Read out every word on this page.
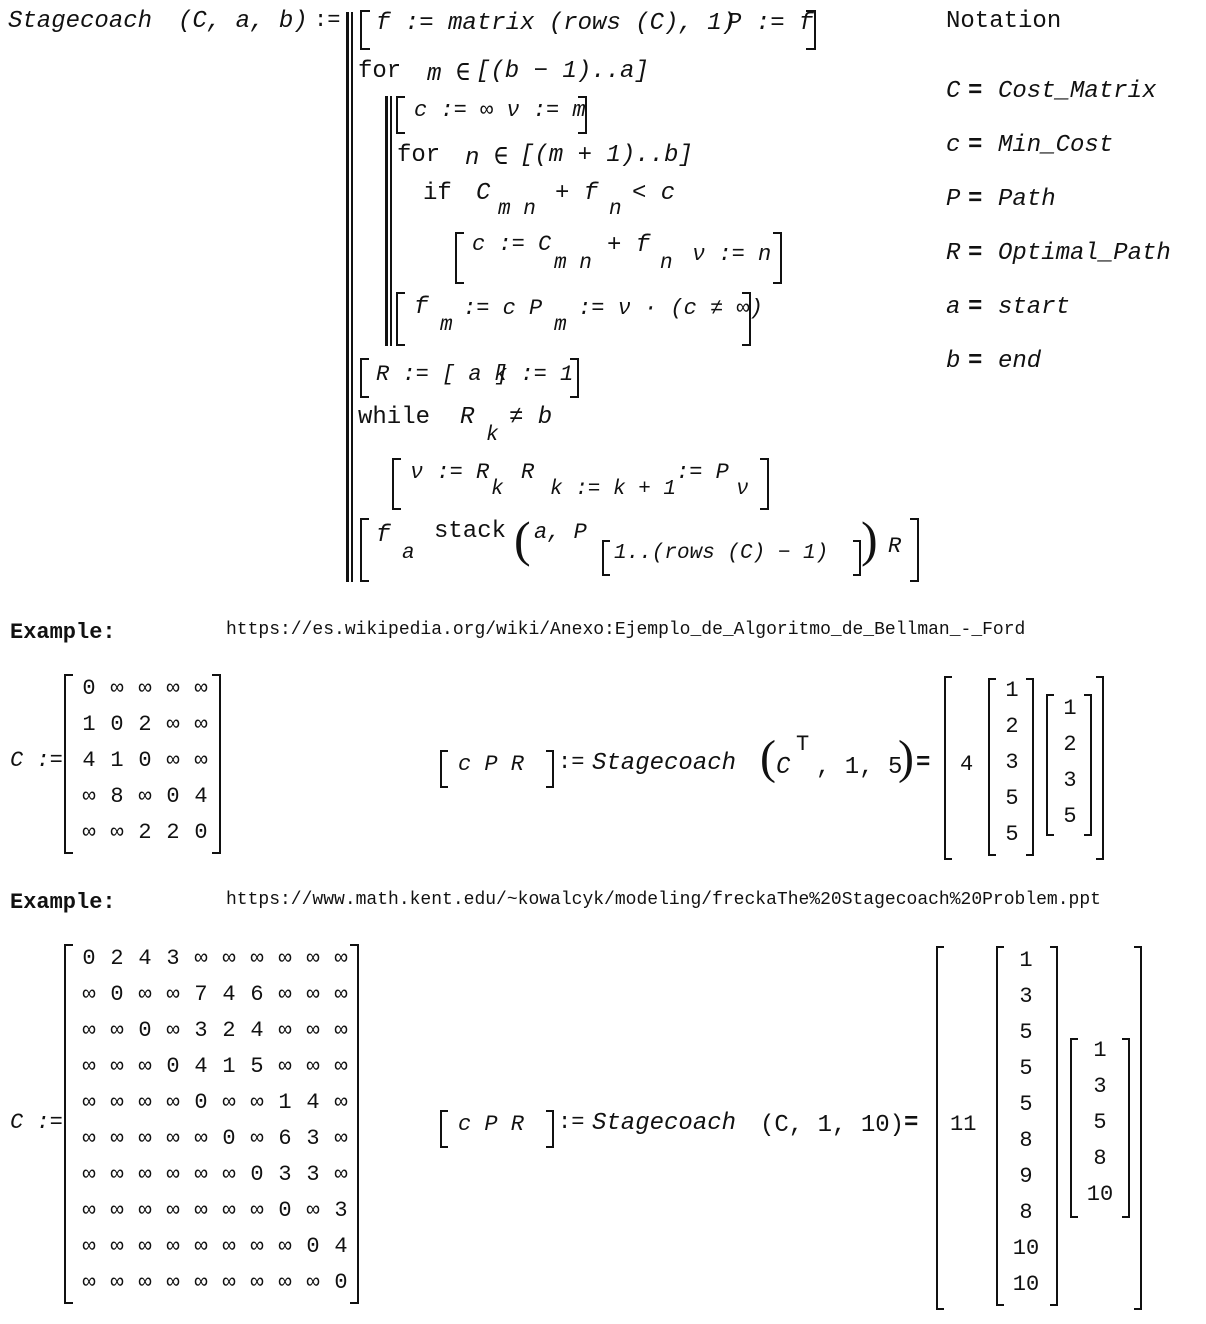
Stagecoach (C, a, b) := f := matrix (rows (C), 1)
P := f
for m ∈ [(b − 1)..a]
c := ∞ ν := m
for n ∈ [(m + 1)..b]
if C
m n
+ f
n
< c
c := C
m n
+ f
n ν := n
f
m
:= c P
m
:= ν · (c ≠ ∞)
R := [ a ]
k := 1
while R
k
≠ b
ν := R
k
R
k := k + 1
:= P
ν
f
a
stack ( a, P
1..(rows (C) − 1) ) R
Notation
C = Cost_Matrix
c = Min_Cost
P = Path
R = Optimal_Path
a = start
b = end
Example:	https://es.wikipedia.org/wiki/Anexo:Ejemplo_de_Algoritmo_de_Bellman_-_Ford
C :=
0 ∞ ∞ ∞ ∞
1 0 2 ∞ ∞
4 1 0 ∞ ∞
∞ 8 ∞ 0 4
∞ ∞ 2 2 0
c P R := Stagecoach ( C
T
, 1, 5
) = 4
1
2
3
5
5
1
2
3
5
Example:	https://www.math.kent.edu/~kowalcyk/modeling/freckaThe%20Stagecoach%20Problem.ppt
C :=
0 2 4 3 ∞ ∞ ∞ ∞ ∞ ∞
∞ 0 ∞ ∞ 7 4 6 ∞ ∞ ∞
∞ ∞ 0 ∞ 3 2 4 ∞ ∞ ∞
∞ ∞ ∞ 0 4 1 5 ∞ ∞ ∞
∞ ∞ ∞ ∞ 0 ∞ ∞ 1 4 ∞
∞ ∞ ∞ ∞ ∞ 0 ∞ 6 3 ∞
∞ ∞ ∞ ∞ ∞ ∞ 0 3 3 ∞
∞ ∞ ∞ ∞ ∞ ∞ ∞ 0 ∞ 3
∞ ∞ ∞ ∞ ∞ ∞ ∞ ∞ 0 4
∞ ∞ ∞ ∞ ∞ ∞ ∞ ∞ ∞ 0
c P R := Stagecoach (C, 1, 10) = 11
1
3
5
5
5
8
9
8
10
10
1
3
5
8
10
